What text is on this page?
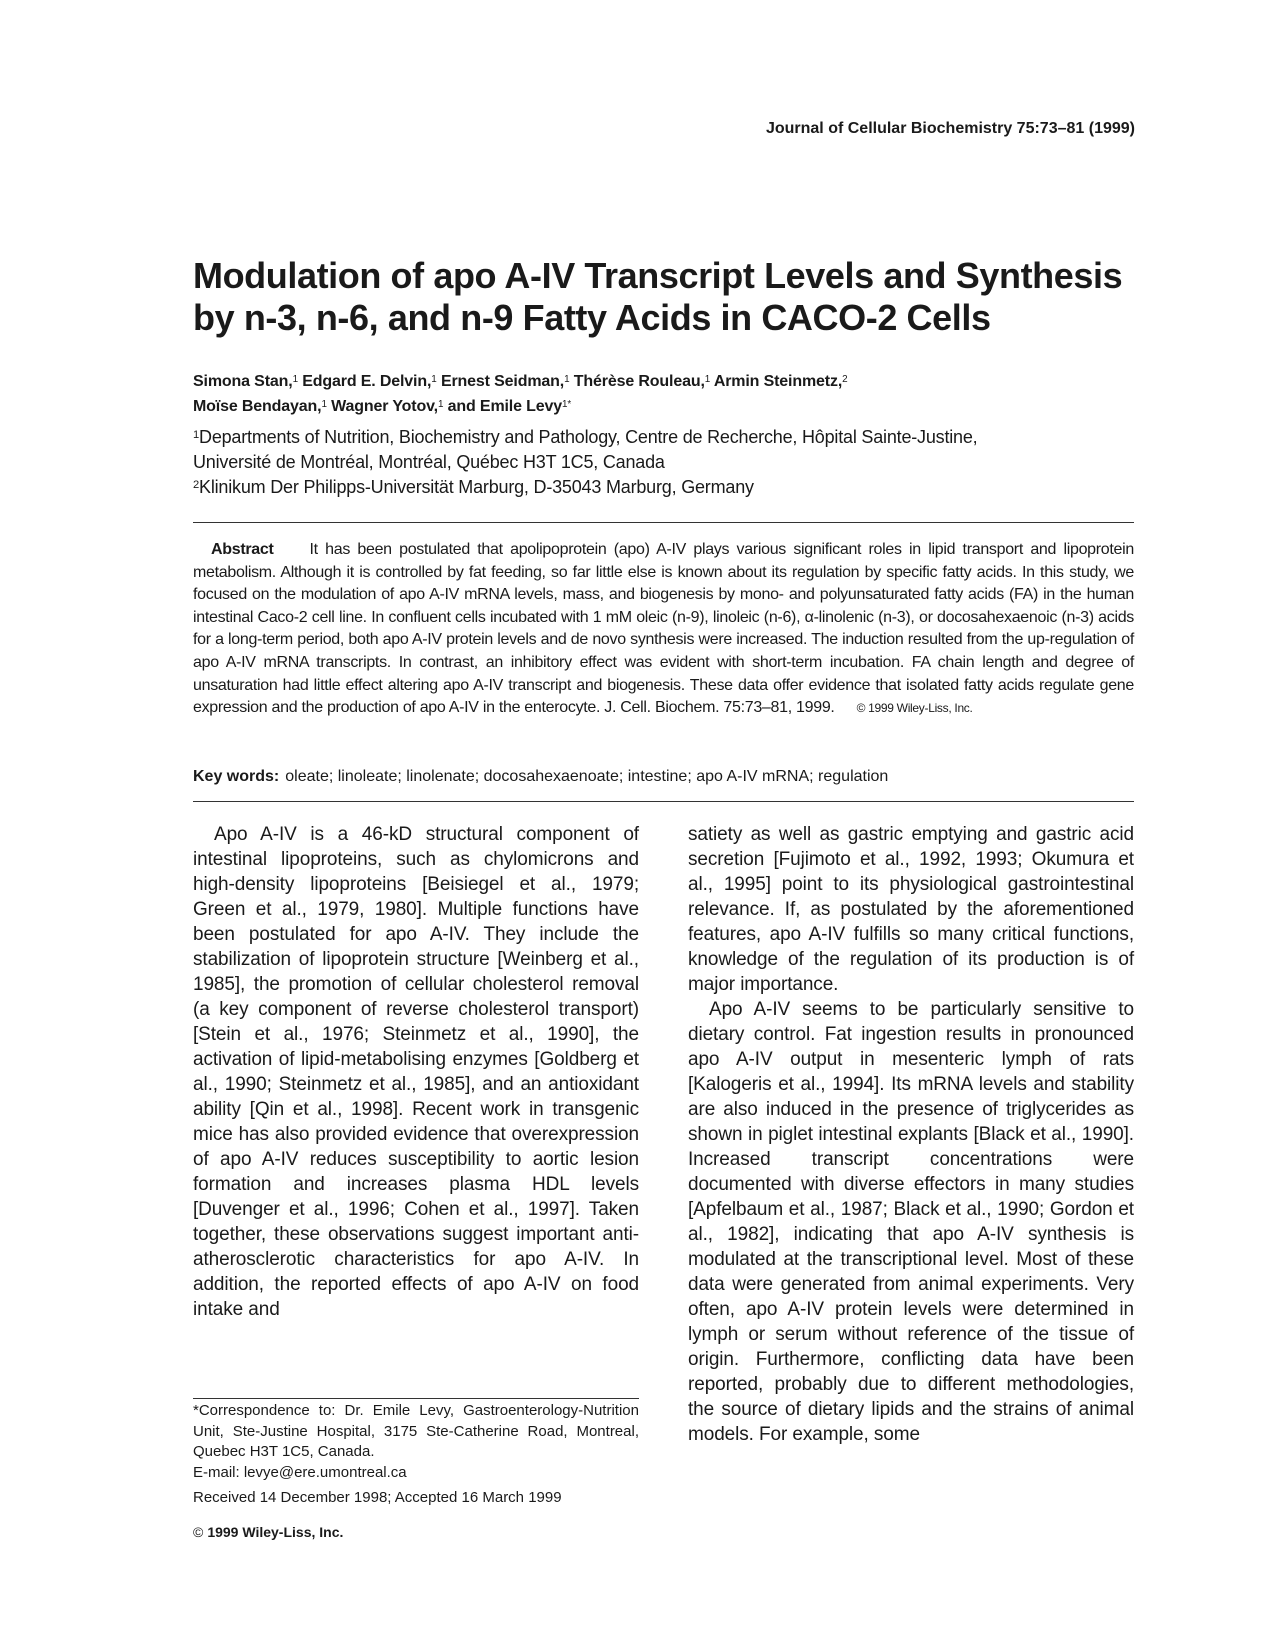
Journal of Cellular Biochemistry 75:73–81 (1999)
Modulation of apo A-IV Transcript Levels and Synthesis
by n-3, n-6, and n-9 Fatty Acids in CACO-2 Cells
Simona Stan,$^1$ Edgard E. Delvin,$^1$ Ernest Seidman,$^1$ Thérèse Rouleau,$^1$ Armin Steinmetz,$^2$
Moïse Bendayan,$^1$ Wagner Yotov,$^1$ and Emile Levy$^{1*}$
$^1$Departments of Nutrition, Biochemistry and Pathology, Centre de Recherche, Hôpital Sainte-Justine,
Université de Montréal, Montréal, Québec H3T 1C5, Canada
$^2$Klinikum Der Philipps-Universität Marburg, D-35043 Marburg, Germany
Abstract It has been postulated that apolipoprotein (apo) A-IV plays various significant roles in lipid transport and lipoprotein metabolism. Although it is controlled by fat feeding, so far little else is known about its regulation by specific fatty acids. In this study, we focused on the modulation of apo A-IV mRNA levels, mass, and biogenesis by mono- and polyunsaturated fatty acids (FA) in the human intestinal Caco-2 cell line. In confluent cells incubated with 1 mM oleic (n-9), linoleic (n-6), α-linolenic (n-3), or docosahexaenoic (n-3) acids for a long-term period, both apo A-IV protein levels and de novo synthesis were increased. The induction resulted from the up-regulation of apo A-IV mRNA transcripts. In contrast, an inhibitory effect was evident with short-term incubation. FA chain length and degree of unsaturation had little effect altering apo A-IV transcript and biogenesis. These data offer evidence that isolated fatty acids regulate gene expression and the production of apo A-IV in the enterocyte. J. Cell. Biochem. 75:73–81, 1999. © 1999 Wiley-Liss, Inc.
Key words: oleate; linoleate; linolenate; docosahexaenoate; intestine; apo A-IV mRNA; regulation

Apo A-IV is a 46-kD structural component of intestinal lipoproteins, such as chylomicrons and high-density lipoproteins [Beisiegel et al., 1979; Green et al., 1979, 1980]. Multiple functions have been postulated for apo A-IV. They include the stabilization of lipoprotein structure [Weinberg et al., 1985], the promotion of cellular cholesterol removal (a key component of reverse cholesterol transport) [Stein et al., 1976; Steinmetz et al., 1990], the activation of lipid-metabolising enzymes [Goldberg et al., 1990; Steinmetz et al., 1985], and an antioxidant ability [Qin et al., 1998]. Recent work in transgenic mice has also provided evidence that overexpression of apo A-IV reduces susceptibility to aortic lesion formation and increases plasma HDL levels [Duvenger et al., 1996; Cohen et al., 1997]. Taken together, these observations suggest important anti-atherosclerotic characteristics for apo A-IV. In addition, the reported effects of apo A-IV on food intake and

satiety as well as gastric emptying and gastric acid secretion [Fujimoto et al., 1992, 1993; Okumura et al., 1995] point to its physiological gastrointestinal relevance. If, as postulated by the aforementioned features, apo A-IV fulfills so many critical functions, knowledge of the regulation of its production is of major importance.

Apo A-IV seems to be particularly sensitive to dietary control. Fat ingestion results in pronounced apo A-IV output in mesenteric lymph of rats [Kalogeris et al., 1994]. Its mRNA levels and stability are also induced in the presence of triglycerides as shown in piglet intestinal explants [Black et al., 1990]. Increased transcript concentrations were documented with diverse effectors in many studies [Apfelbaum et al., 1987; Black et al., 1990; Gordon et al., 1982], indicating that apo A-IV synthesis is modulated at the transcriptional level. Most of these data were generated from animal experiments. Very often, apo A-IV protein levels were determined in lymph or serum without reference of the tissue of origin. Furthermore, conflicting data have been reported, probably due to different methodologies, the source of dietary lipids and the strains of animal models. For example, some

*Correspondence to: Dr. Emile Levy, Gastroenterology-Nutrition Unit, Ste-Justine Hospital, 3175 Ste-Catherine Road, Montreal, Quebec H3T 1C5, Canada.
E-mail: levye@ere.umontreal.ca
Received 14 December 1998; Accepted 16 March 1999
© 1999 Wiley-Liss, Inc.
